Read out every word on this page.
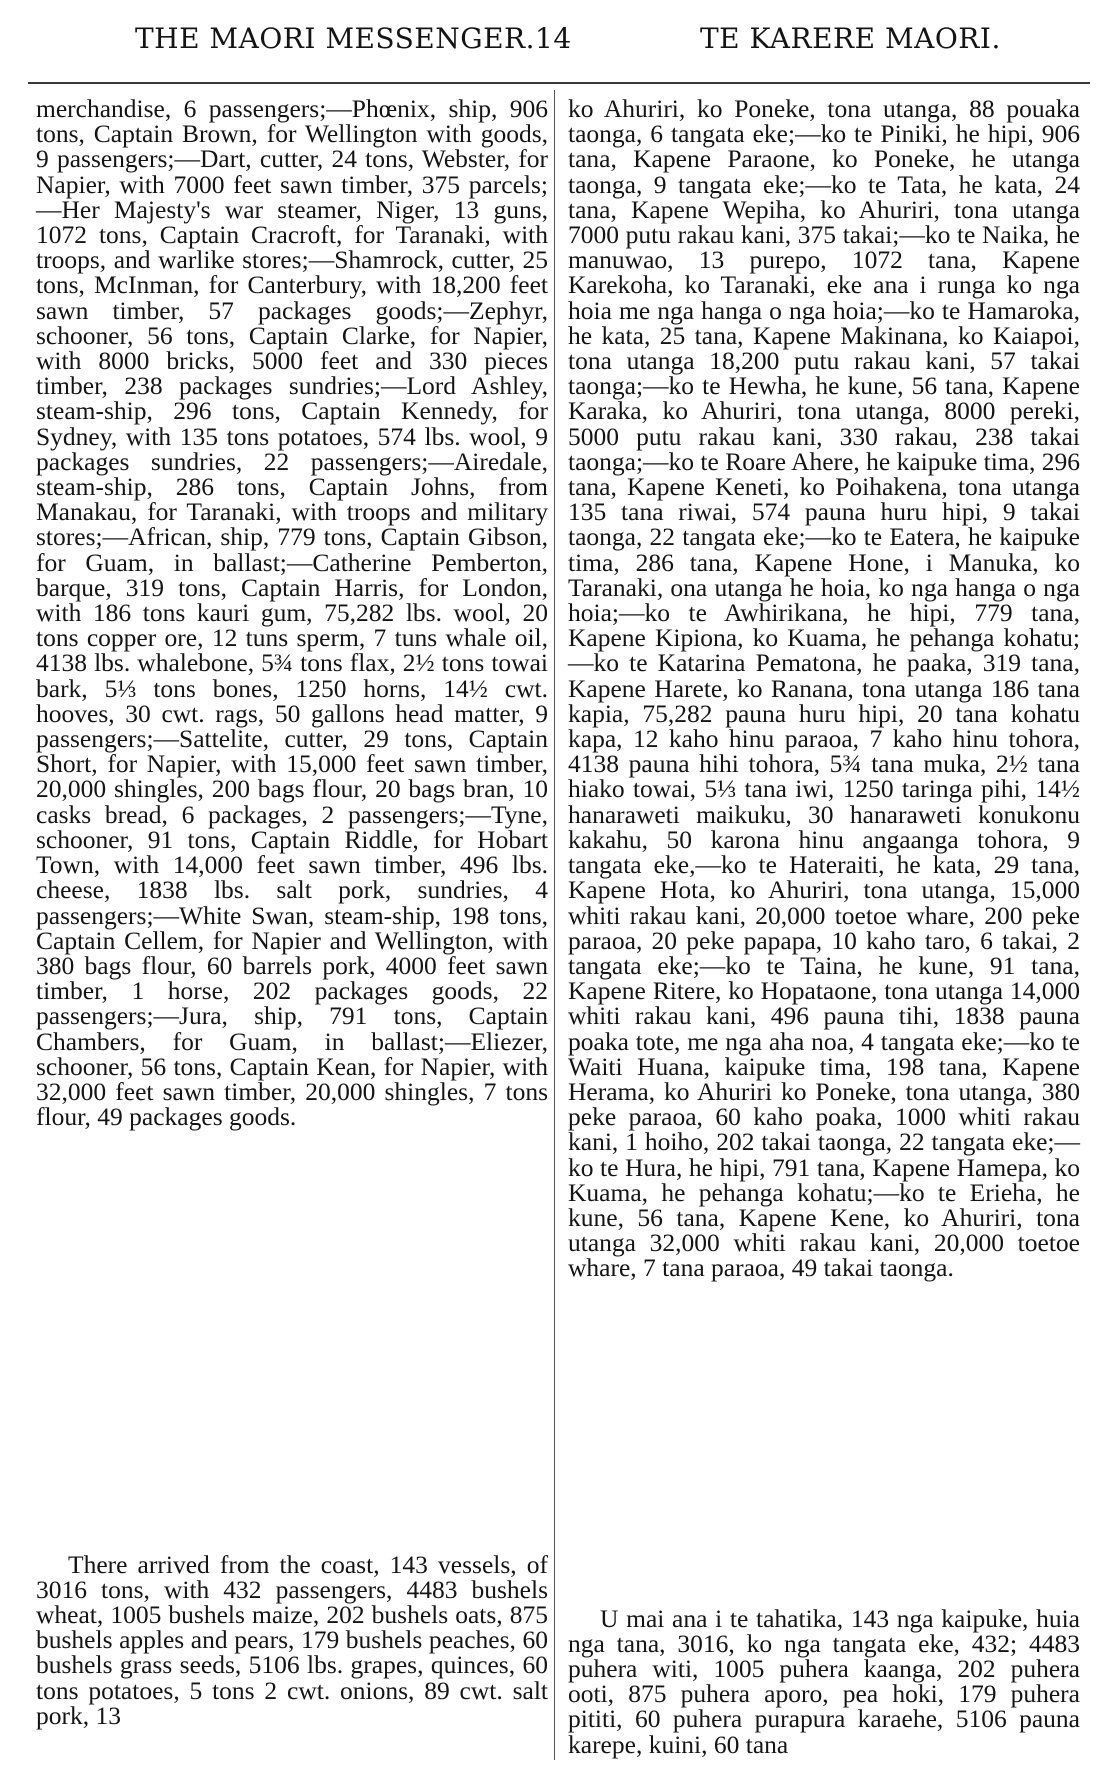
THE MAORI MESSENGER. 14	TE KARERE MAORI.

merchandise, 6 passengers;—Phœnix, ship, 906 tons, Captain Brown, for Wellington with goods, 9 passengers;—Dart, cutter, 24 tons, Webster, for Napier, with 7000 feet sawn timber, 375 parcels;—Her Majesty's war steamer, Niger, 13 guns, 1072 tons, Captain Cracroft, for Taranaki, with troops, and warlike stores;—Shamrock, cutter, 25 tons, McInman, for Canterbury, with 18,200 feet sawn timber, 57 packages goods;—Zephyr, schooner, 56 tons, Captain Clarke, for Napier, with 8000 bricks, 5000 feet and 330 pieces timber, 238 packages sundries;—Lord Ashley, steam-ship, 296 tons, Captain Kennedy, for Sydney, with 135 tons potatoes, 574 lbs. wool, 9 packages sundries, 22 passengers;—Airedale, steam-ship, 286 tons, Captain Johns, from Manakau, for Taranaki, with troops and military stores;—African, ship, 779 tons, Captain Gibson, for Guam, in ballast;—Catherine Pemberton, barque, 319 tons, Captain Harris, for London, with 186 tons kauri gum, 75,282 lbs. wool, 20 tons copper ore, 12 tuns sperm, 7 tuns whale oil, 4138 lbs. whalebone, 5¾ tons flax, 2½ tons towai bark, 5⅓ tons bones, 1250 horns, 14½ cwt. hooves, 30 cwt. rags, 50 gallons head matter, 9 passengers;—Sattelite, cutter, 29 tons, Captain Short, for Napier, with 15,000 feet sawn timber, 20,000 shingles, 200 bags flour, 20 bags bran, 10 casks bread, 6 packages, 2 passengers;—Tyne, schooner, 91 tons, Captain Riddle, for Hobart Town, with 14,000 feet sawn timber, 496 lbs. cheese, 1838 lbs. salt pork, sundries, 4 passengers;—White Swan, steam-ship, 198 tons, Captain Cellem, for Napier and Wellington, with 380 bags flour, 60 barrels pork, 4000 feet sawn timber, 1 horse, 202 packages goods, 22 passengers;—Jura, ship, 791 tons, Captain Chambers, for Guam, in ballast;—Eliezer, schooner, 56 tons, Captain Kean, for Napier, with 32,000 feet sawn timber, 20,000 shingles, 7 tons flour, 49 packages goods.

There arrived from the coast, 143 vessels, of 3016 tons, with 432 passengers, 4483 bushels wheat, 1005 bushels maize, 202 bushels oats, 875 bushels apples and pears, 179 bushels peaches, 60 bushels grass seeds, 5106 lbs. grapes, quinces, 60 tons potatoes, 5 tons 2 cwt. onions, 89 cwt. salt pork, 13

ko Ahuriri, ko Poneke, tona utanga, 88 pouaka taonga, 6 tangata eke;—ko te Piniki, he hipi, 906 tana, Kapene Paraone, ko Poneke, he utanga taonga, 9 tangata eke;—ko te Tata, he kata, 24 tana, Kapene Wepiha, ko Ahuriri, tona utanga 7000 putu rakau kani, 375 takai;—ko te Naika, he manuwao, 13 purepo, 1072 tana, Kapene Karekoha, ko Taranaki, eke ana i runga ko nga hoia me nga hanga o nga hoia;—ko te Hamaroka, he kata, 25 tana, Kapene Makinana, ko Kaiapoi, tona utanga 18,200 putu rakau kani, 57 takai taonga;—ko te Hewha, he kune, 56 tana, Kapene Karaka, ko Ahuriri, tona utanga, 8000 pereki, 5000 putu rakau kani, 330 rakau, 238 takai taonga;—ko te Roare Ahere, he kaipuke tima, 296 tana, Kapene Keneti, ko Poihakena, tona utanga 135 tana riwai, 574 pauna huru hipi, 9 takai taonga, 22 tangata eke;—ko te Eatera, he kaipuke tima, 286 tana, Kapene Hone, i Manuka, ko Taranaki, ona utanga he hoia, ko nga hanga o nga hoia;—ko te Awhirikana, he hipi, 779 tana, Kapene Kipiona, ko Kuama, he pehanga kohatu;—ko te Katarina Pematona, he paaka, 319 tana, Kapene Harete, ko Ranana, tona utanga 186 tana kapia, 75,282 pauna huru hipi, 20 tana kohatu kapa, 12 kaho hinu paraoa, 7 kaho hinu tohora, 4138 pauna hihi tohora, 5¾ tana muka, 2½ tana hiako towai, 5⅓ tana iwi, 1250 taringa pihi, 14½ hanaraweti maikuku, 30 hanaraweti konukonu kakahu, 50 karona hinu angaanga tohora, 9 tangata eke,—ko te Hateraiti, he kata, 29 tana, Kapene Hota, ko Ahuriri, tona utanga, 15,000 whiti rakau kani, 20,000 toetoe whare, 200 peke paraoa, 20 peke papapa, 10 kaho taro, 6 takai, 2 tangata eke;—ko te Taina, he kune, 91 tana, Kapene Ritere, ko Hopataone, tona utanga 14,000 whiti rakau kani, 496 pauna tihi, 1838 pauna poaka tote, me nga aha noa, 4 tangata eke;—ko te Waiti Huana, kaipuke tima, 198 tana, Kapene Herama, ko Ahuriri ko Poneke, tona utanga, 380 peke paraoa, 60 kaho poaka, 1000 whiti rakau kani, 1 hoiho, 202 takai taonga, 22 tangata eke;—ko te Hura, he hipi, 791 tana, Kapene Hamepa, ko Kuama, he pehanga kohatu;—ko te Erieha, he kune, 56 tana, Kapene Kene, ko Ahuriri, tona utanga 32,000 whiti rakau kani, 20,000 toetoe whare, 7 tana paraoa, 49 takai taonga.

U mai ana i te tahatika, 143 nga kaipuke, huia nga tana, 3016, ko nga tangata eke, 432; 4483 puhera witi, 1005 puhera kaanga, 202 puhera ooti, 875 puhera aporo, pea hoki, 179 puhera pititi, 60 puhera purapura karaehe, 5106 pauna karepe, kuini, 60 tana
